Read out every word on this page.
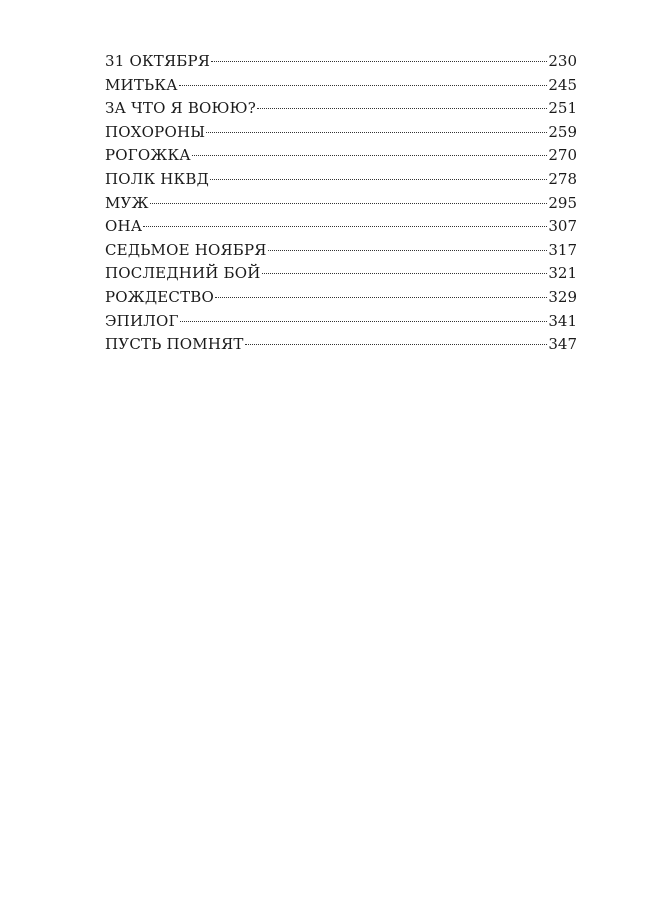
31 ОКТЯБРЯ	230
МИТЬКА	245
ЗА ЧТО Я ВОЮЮ?	251
ПОХОРОНЫ	259
РОГОЖКА	270
ПОЛК НКВД	278
МУЖ	295
ОНА	307
СЕДЬМОЕ НОЯБРЯ	317
ПОСЛЕДНИЙ БОЙ	321
РОЖДЕСТВО	329
ЭПИЛОГ	341
ПУСТЬ ПОМНЯТ	347
